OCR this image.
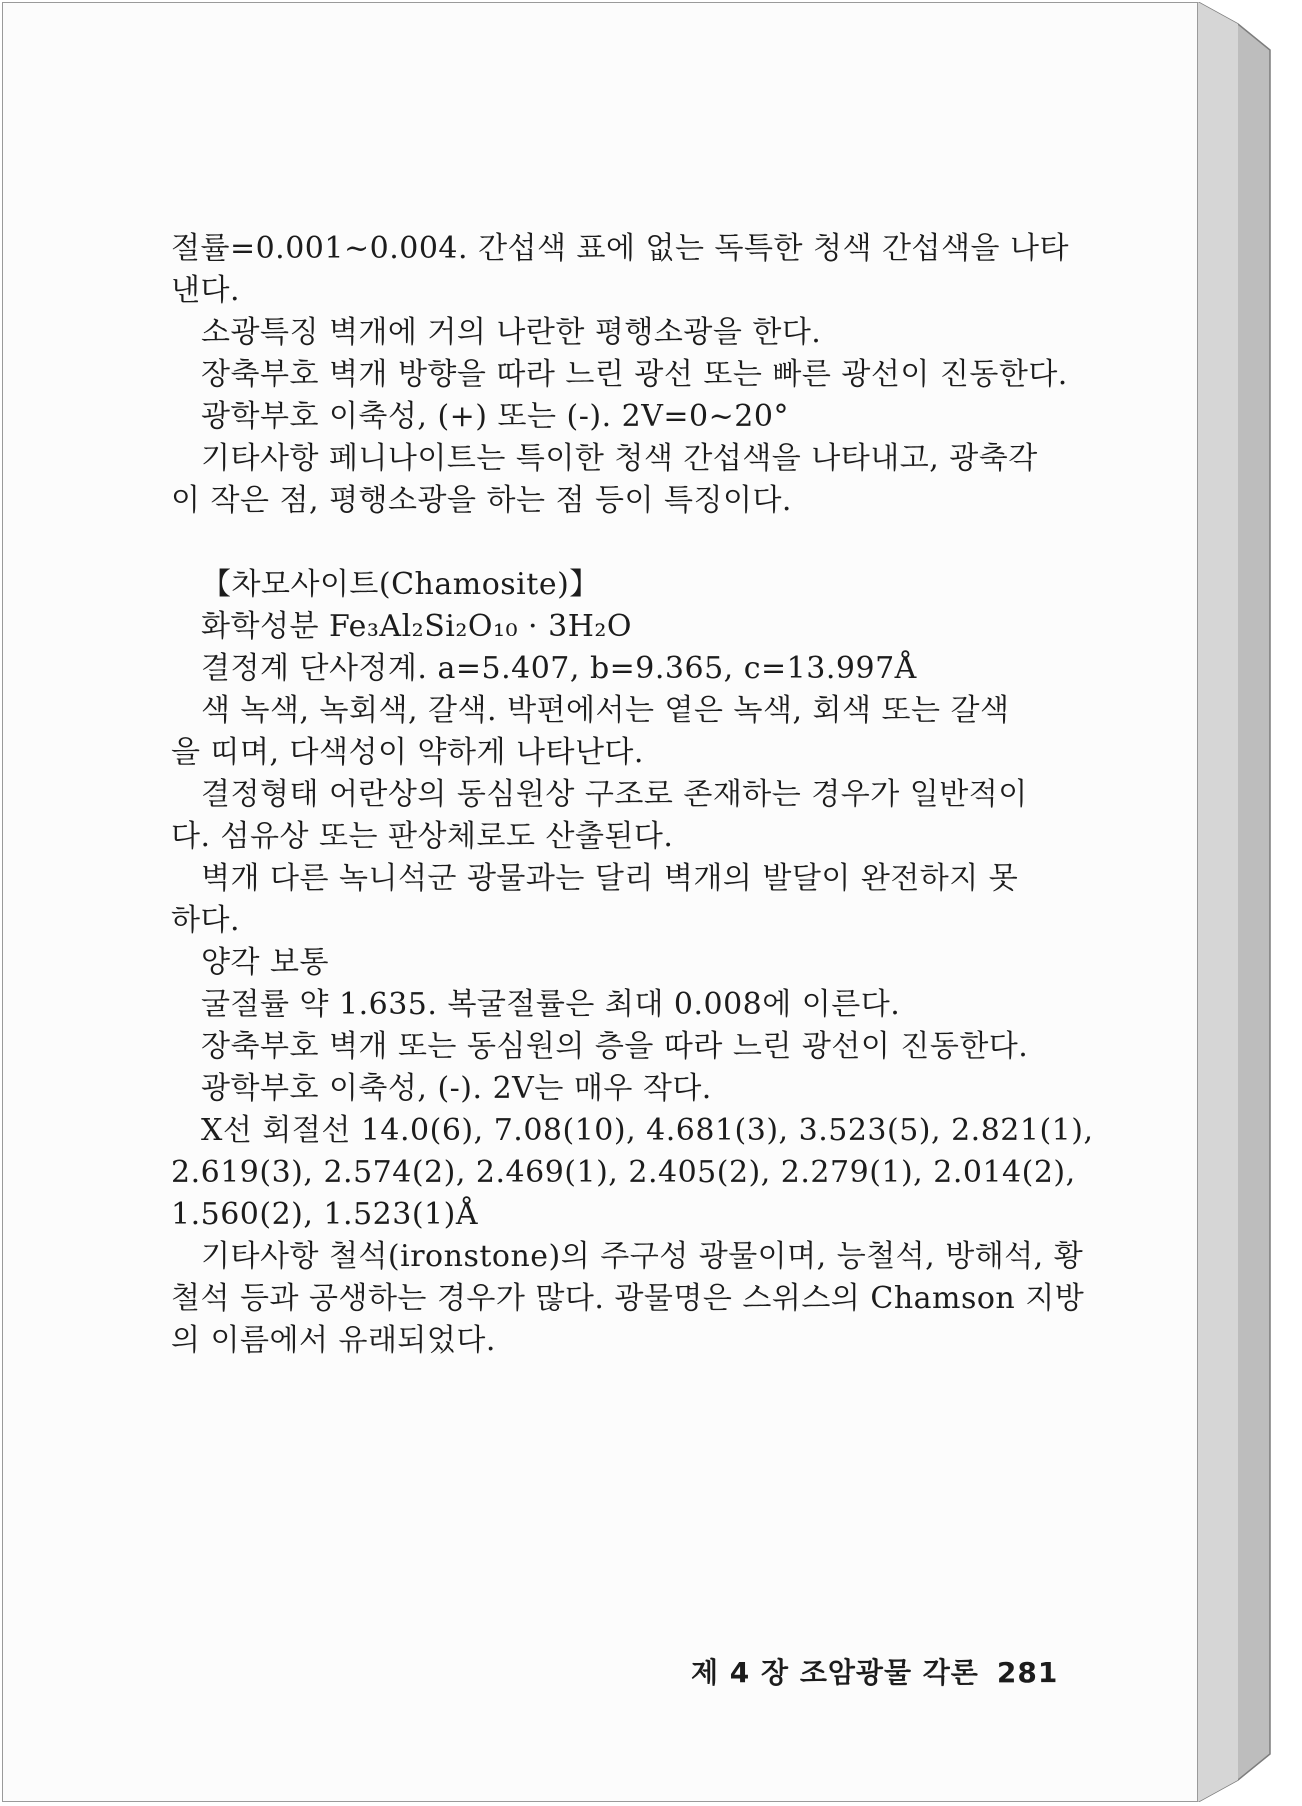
절률=0.001~0.004. 간섭색 표에 없는 독특한 청색 간섭색을 나타
낸다.
소광특징 벽개에 거의 나란한 평행소광을 한다.
장축부호 벽개 방향을 따라 느린 광선 또는 빠른 광선이 진동한다.
광학부호 이축성, (+) 또는 (-). 2V=0~20°
기타사항 페니나이트는 특이한 청색 간섭색을 나타내고, 광축각
이 작은 점, 평행소광을 하는 점 등이 특징이다.
【차모사이트(Chamosite)】
화학성분 Fe₃Al₂Si₂O₁₀ · 3H₂O
결정계 단사정계. a=5.407, b=9.365, c=13.997Å
색 녹색, 녹회색, 갈색. 박편에서는 옅은 녹색, 회색 또는 갈색
을 띠며, 다색성이 약하게 나타난다.
결정형태 어란상의 동심원상 구조로 존재하는 경우가 일반적이
다. 섬유상 또는 판상체로도 산출된다.
벽개 다른 녹니석군 광물과는 달리 벽개의 발달이 완전하지 못
하다.
양각 보통
굴절률 약 1.635. 복굴절률은 최대 0.008에 이른다.
장축부호 벽개 또는 동심원의 층을 따라 느린 광선이 진동한다.
광학부호 이축성, (-). 2V는 매우 작다.
X선 회절선 14.0(6), 7.08(10), 4.681(3), 3.523(5), 2.821(1),
2.619(3), 2.574(2), 2.469(1), 2.405(2), 2.279(1), 2.014(2),
1.560(2), 1.523(1)Å
기타사항 철석(ironstone)의 주구성 광물이며, 능철석, 방해석, 황
철석 등과 공생하는 경우가 많다. 광물명은 스위스의 Chamson 지방
의 이름에서 유래되었다.
제 4 장 조암광물 각론 281
